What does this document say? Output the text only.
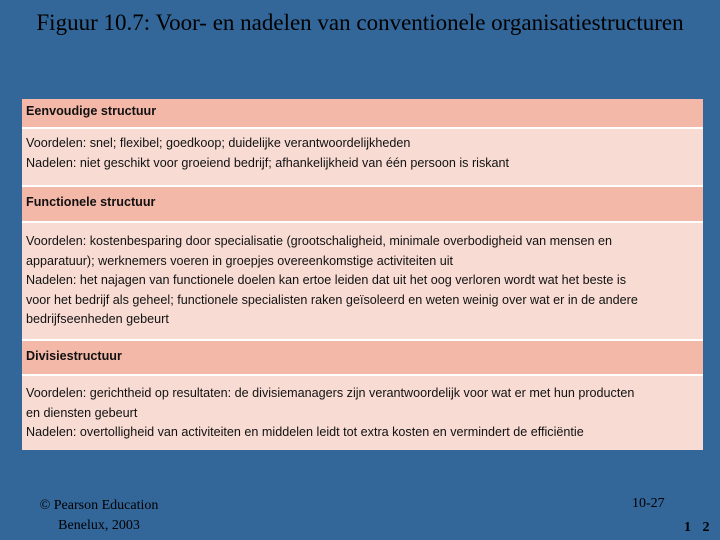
Figuur 10.7: Voor- en nadelen van conventionele organisatiestructuren
Eenvoudige structuur
Voordelen: snel; flexibel; goedkoop; duidelijke verantwoordelijkheden
Nadelen: niet geschikt voor groeiend bedrijf; afhankelijkheid van één persoon is riskant
Functionele structuur
Voordelen: kostenbesparing door specialisatie (grootschaligheid, minimale overbodigheid van mensen en
apparatuur); werknemers voeren in groepjes overeenkomstige activiteiten uit
Nadelen: het najagen van functionele doelen kan ertoe leiden dat uit het oog verloren wordt wat het beste is
voor het bedrijf als geheel; functionele specialisten raken geïsoleerd en weten weinig over wat er in de andere
bedrijfseenheden gebeurt
Divisiestructuur
Voordelen: gerichtheid op resultaten: de divisiemanagers zijn verantwoordelijk voor wat er met hun producten
en diensten gebeurt
Nadelen: overtolligheid van activiteiten en middelen leidt tot extra kosten en vermindert de efficiëntie
© Pearson Education
Benelux, 2003
10-27
1 2
